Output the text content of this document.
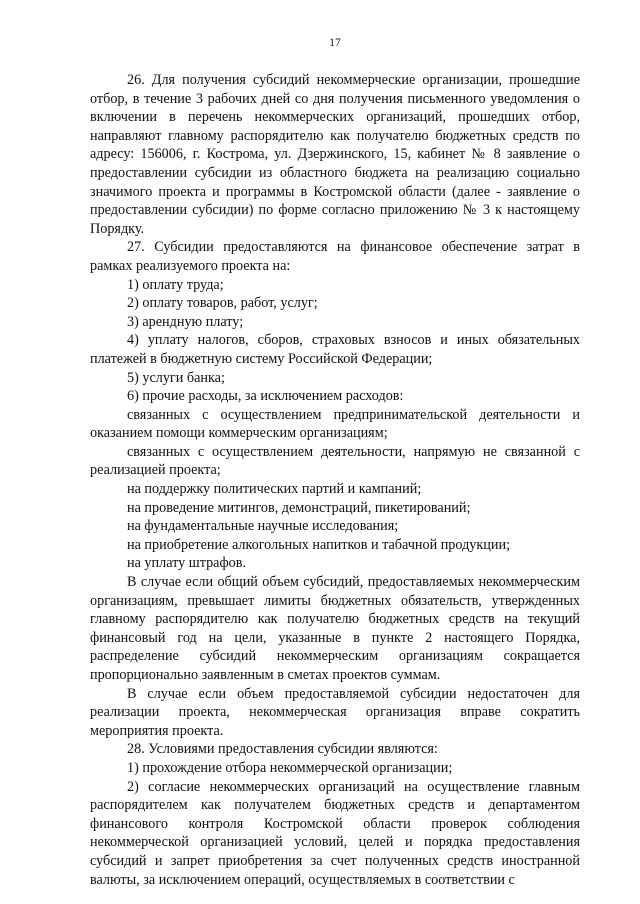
17

26. Для получения субсидий некоммерческие организации, прошедшие отбор, в течение 3 рабочих дней со дня получения письменного уведомления о включении в перечень некоммерческих организаций, прошедших отбор, направляют главному распорядителю как получателю бюджетных средств по адресу: 156006, г. Кострома, ул. Дзержинского, 15, кабинет № 8 заявление о предоставлении субсидии из областного бюджета на реализацию социально значимого проекта и программы в Костромской области (далее - заявление о предоставлении субсидии) по форме согласно приложению № 3 к настоящему Порядку.

27. Субсидии предоставляются на финансовое обеспечение затрат в рамках реализуемого проекта на:

1) оплату труда;

2) оплату товаров, работ, услуг;

3) арендную плату;

4) уплату налогов, сборов, страховых взносов и иных обязательных платежей в бюджетную систему Российской Федерации;

5) услуги банка;

6) прочие расходы, за исключением расходов:

связанных с осуществлением предпринимательской деятельности и оказанием помощи коммерческим организациям;

связанных с осуществлением деятельности, напрямую не связанной с реализацией проекта;

на поддержку политических партий и кампаний;

на проведение митингов, демонстраций, пикетирований;

на фундаментальные научные исследования;

на приобретение алкогольных напитков и табачной продукции;

на уплату штрафов.

В случае если общий объем субсидий, предоставляемых некоммерческим организациям, превышает лимиты бюджетных обязательств, утвержденных главному распорядителю как получателю бюджетных средств на текущий финансовый год на цели, указанные в пункте 2 настоящего Порядка, распределение субсидий некоммерческим организациям сокращается пропорционально заявленным в сметах проектов суммам.

В случае если объем предоставляемой субсидии недостаточен для реализации проекта, некоммерческая организация вправе сократить мероприятия проекта.

28. Условиями предоставления субсидии являются:

1) прохождение отбора некоммерческой организации;

2) согласие некоммерческих организаций на осуществление главным распорядителем как получателем бюджетных средств и департаментом финансового контроля Костромской области проверок соблюдения некоммерческой организацией условий, целей и порядка предоставления субсидий и запрет приобретения за счет полученных средств иностранной валюты, за исключением операций, осуществляемых в соответствии с
